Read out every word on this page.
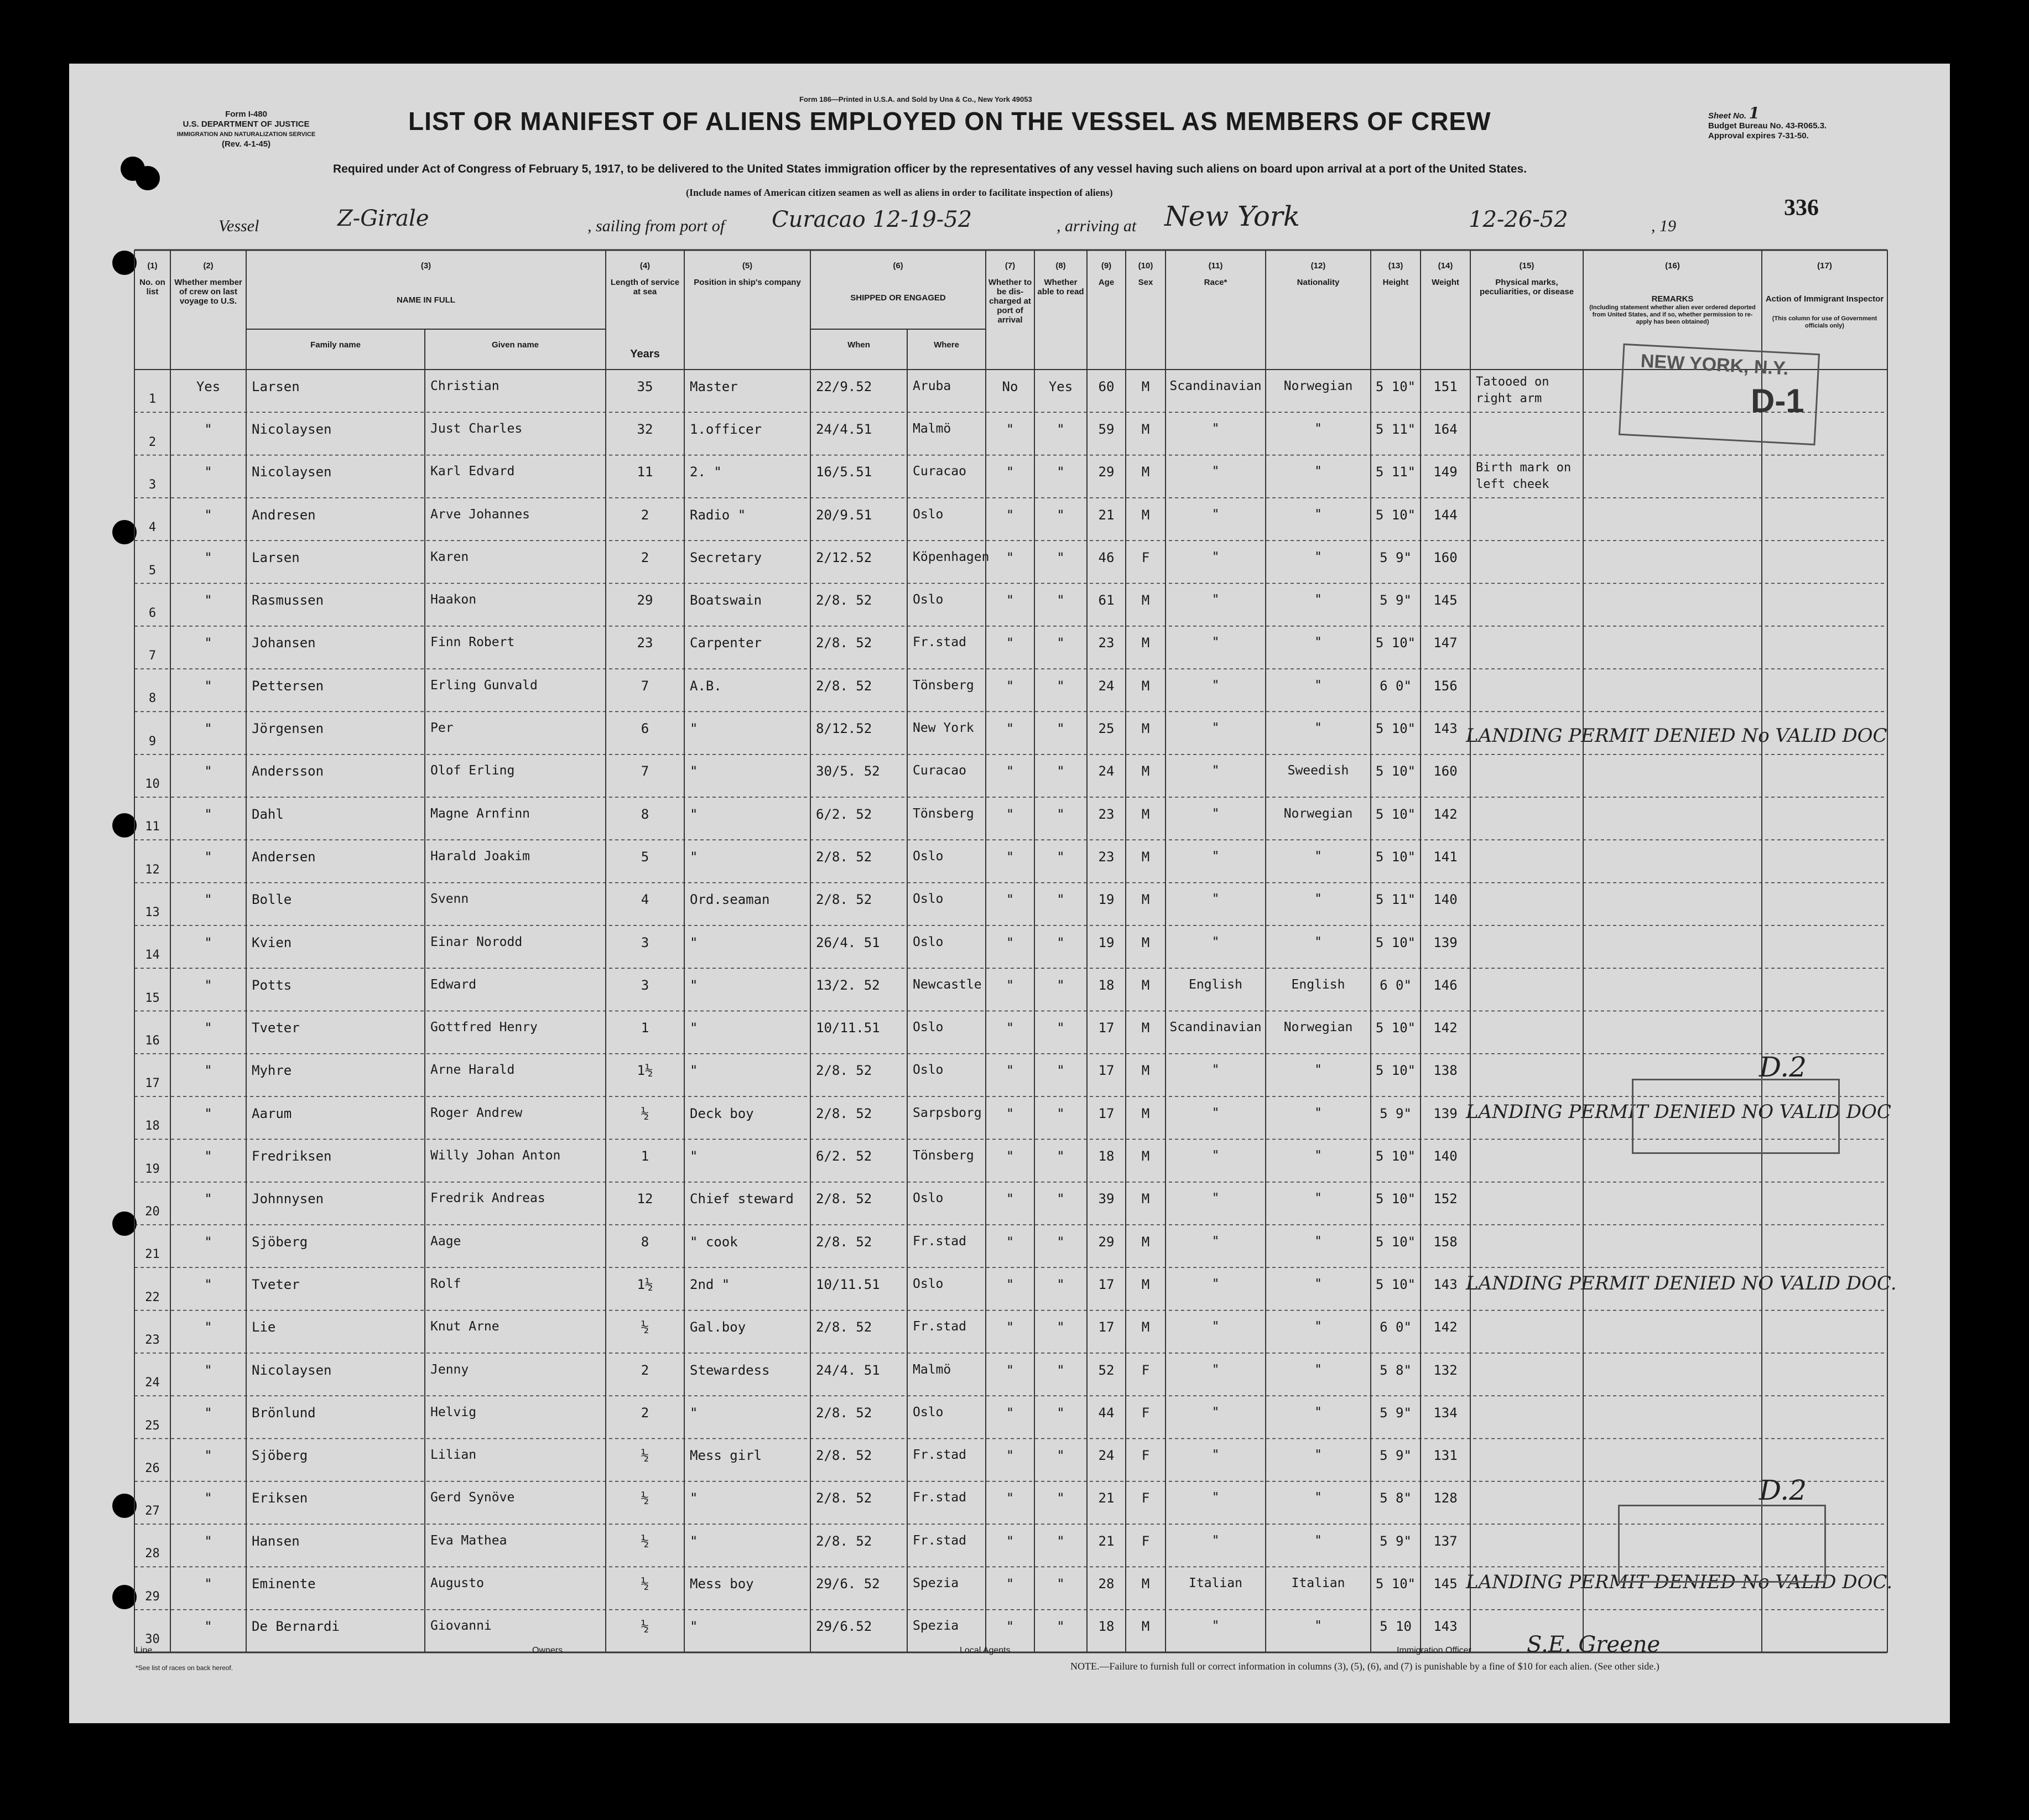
Form I-480
U.S. DEPARTMENT OF JUSTICE
IMMIGRATION AND NATURALIZATION SERVICE
(Rev. 4-1-45)
Form 186—Printed in U.S.A. and Sold by Una & Co., New York 49053
LIST OR MANIFEST OF ALIENS EMPLOYED ON THE VESSEL AS MEMBERS OF CREW	Sheet No. 1
Budget Bureau No. 43-R065.3.
Approval expires 7-31-50.
Required under Act of Congress of February 5, 1917, to be delivered to the United States immigration officer by the representatives of any vessel having such aliens on board upon arrival at a port of the United States.
(Include names of American citizen seamen as well as aliens in order to facilitate inspection of aliens)
Vessel	Z-Girale	, sailing from port of Curacao 12-19-52	, arriving at New York	12-26-52	, 19
336
(1)
No. on list
(2)
Whether member of crew on last voyage to U.S.
(4)
Length of service at sea
(5)
Position in ship's company
(7)
Whether to be dis-charged at port of arrival
(8)
Whether able to read
(9)
Age
(10)
Sex
(11)
Race*
(12)
Nationality
(13)
Height
(14)
Weight
(15)
Physical marks, peculiarities, or disease
(3)
NAME IN FULL
Family name	Given name
Years
(6)
SHIPPED OR ENGAGED
When	Where
(16)
REMARKS
(Including statement whether alien ever ordered deported from United States, and if so, whether permission to re-apply has been obtained)
(17)
Action of Immigrant Inspector
(This column for use of Government officials only)
1
Yes	Larsen	Christian	35	Master	22/9.52	Aruba	No	Yes	60	M	Scandinavian	Norwegian	5 10"	151	Tatooed on right arm
2
"	Nicolaysen	Just Charles	32	1.officer	24/4.51	Malmö	"	"	59	M	"	"	5 11"	164
3
"	Nicolaysen	Karl Edvard	11	2. "	16/5.51	Curacao	"	"	29	M	"	"	5 11"	149	Birth mark on left cheek
4
"	Andresen	Arve Johannes	2	Radio "	20/9.51	Oslo	"	"	21	M	"	"	5 10"	144
5
"	Larsen	Karen	2	Secretary	2/12.52	Köpenhagen	"	"	46	F	"	"	5 9"	160
6
"	Rasmussen	Haakon	29	Boatswain	2/8. 52	Oslo	"	"	61	M	"	"	5 9"	145
7
"	Johansen	Finn Robert	23	Carpenter	2/8. 52	Fr.stad	"	"	23	M	"	"	5 10"	147
8
"	Pettersen	Erling Gunvald	7	A.B.	2/8. 52	Tönsberg	"	"	24	M	"	"	6 0"	156
9
"	Jörgensen	Per	6	"	8/12.52	New York	"	"	25	M	"	"	5 10"	143
10
"	Andersson	Olof Erling	7	"	30/5. 52	Curacao	"	"	24	M	"	Sweedish	5 10"	160
11
"	Dahl	Magne Arnfinn	8	"	6/2. 52	Tönsberg	"	"	23	M	"	Norwegian	5 10"	142
12
"	Andersen	Harald Joakim	5	"	2/8. 52	Oslo	"	"	23	M	"	"	5 10"	141
13
"	Bolle	Svenn	4	Ord.seaman	2/8. 52	Oslo	"	"	19	M	"	"	5 11"	140
14
"	Kvien	Einar Norodd	3	"	26/4. 51	Oslo	"	"	19	M	"	"	5 10"	139
15
"	Potts	Edward	3	"	13/2. 52	Newcastle	"	"	18	M	English	English	6 0"	146
16
"	Tveter	Gottfred Henry	1	"	10/11.51	Oslo	"	"	17	M	Scandinavian	Norwegian	5 10"	142
17
"	Myhre	Arne Harald	1½	"	2/8. 52	Oslo	"	"	17	M	"	"	5 10"	138
18
"	Aarum	Roger Andrew	½	Deck boy	2/8. 52	Sarpsborg	"	"	17	M	"	"	5 9"	139
19
"	Fredriksen	Willy Johan Anton	1	"	6/2. 52	Tönsberg	"	"	18	M	"	"	5 10"	140
20
"	Johnnysen	Fredrik Andreas	12	Chief steward	2/8. 52	Oslo	"	"	39	M	"	"	5 10"	152
21
"	Sjöberg	Aage	8	" cook	2/8. 52	Fr.stad	"	"	29	M	"	"	5 10"	158
22
"	Tveter	Rolf	1½	2nd "	10/11.51	Oslo	"	"	17	M	"	"	5 10"	143
23
"	Lie	Knut Arne	½	Gal.boy	2/8. 52	Fr.stad	"	"	17	M	"	"	6 0"	142
24
"	Nicolaysen	Jenny	2	Stewardess	24/4. 51	Malmö	"	"	52	F	"	"	5 8"	132
25
"	Brönlund	Helvig	2	"	2/8. 52	Oslo	"	"	44	F	"	"	5 9"	134
26
"	Sjöberg	Lilian	½	Mess girl	2/8. 52	Fr.stad	"	"	24	F	"	"	5 9"	131
27
"	Eriksen	Gerd Synöve	½	"	2/8. 52	Fr.stad	"	"	21	F	"	"	5 8"	128
28
"	Hansen	Eva Mathea	½	"	2/8. 52	Fr.stad	"	"	21	F	"	"	5 9"	137
29
"	Eminente	Augusto	½	Mess boy	29/6. 52	Spezia	"	"	28	M	Italian	Italian	5 10"	145
30
"	De Bernardi	Giovanni	½	"	29/6.52	Spezia	"	"	18	M	"	"	5 10	143
NEW YORK, N.Y.
D-1
D.2
D.2
LANDING PERMIT DENIED No VALID DOC
LANDING PERMIT DENIED NO VALID DOC
LANDING PERMIT DENIED NO VALID DOC.
LANDING PERMIT DENIED No VALID DOC.
Line	Owners	Local Agents	Immigration Officer	S.E. Greene
*See list of races on back hereof.	NOTE.—Failure to furnish full or correct information in columns (3), (5), (6), and (7) is punishable by a fine of $10 for each alien. (See other side.)
